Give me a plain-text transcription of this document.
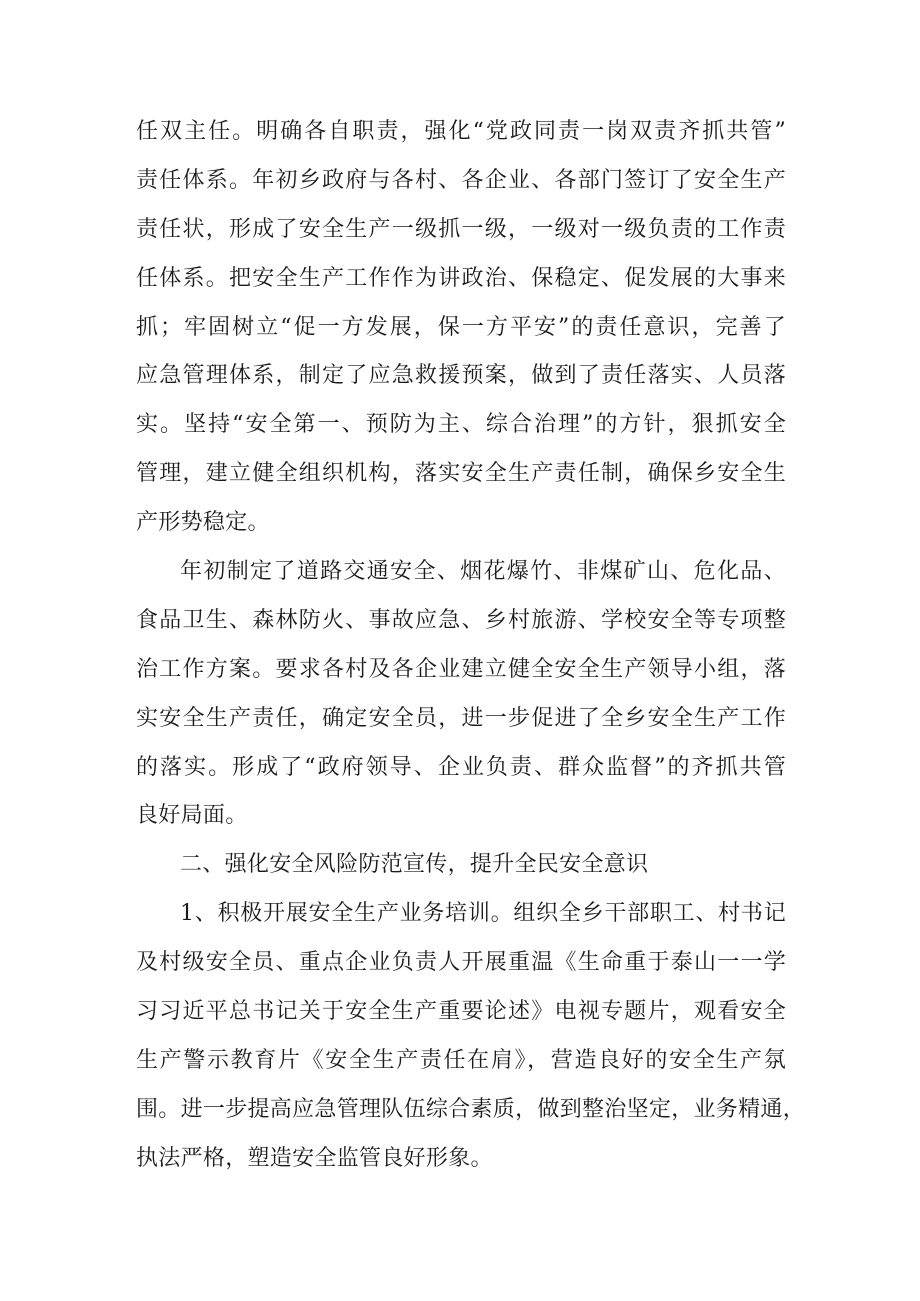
任双主任。明确各自职责，强化“党政同责一岗双责齐抓共管”
责任体系。年初乡政府与各村、各企业、各部门签订了安全生产
责任状，形成了安全生产一级抓一级，一级对一级负责的工作责
任体系。把安全生产工作作为讲政治、保稳定、促发展的大事来
抓；牢固树立“促一方发展，保一方平安”的责任意识，完善了
应急管理体系，制定了应急救援预案，做到了责任落实、人员落
实。坚持“安全第一、预防为主、综合治理”的方针，狠抓安全
管理，建立健全组织机构，落实安全生产责任制，确保乡安全生
产形势稳定。
年初制定了道路交通安全、烟花爆竹、非煤矿山、危化品、
食品卫生、森林防火、事故应急、乡村旅游、学校安全等专项整
治工作方案。要求各村及各企业建立健全安全生产领导小组，落
实安全生产责任，确定安全员，进一步促进了全乡安全生产工作
的落实。形成了“政府领导、企业负责、群众监督”的齐抓共管
良好局面。
二、强化安全风险防范宣传，提升全民安全意识
1、积极开展安全生产业务培训。组织全乡干部职工、村书记
及村级安全员、重点企业负责人开展重温《生命重于泰山一一学
习习近平总书记关于安全生产重要论述》电视专题片，观看安全
生产警示教育片《安全生产责任在肩》，营造良好的安全生产氛
围。进一步提高应急管理队伍综合素质，做到整治坚定，业务精通，
执法严格，塑造安全监管良好形象。
